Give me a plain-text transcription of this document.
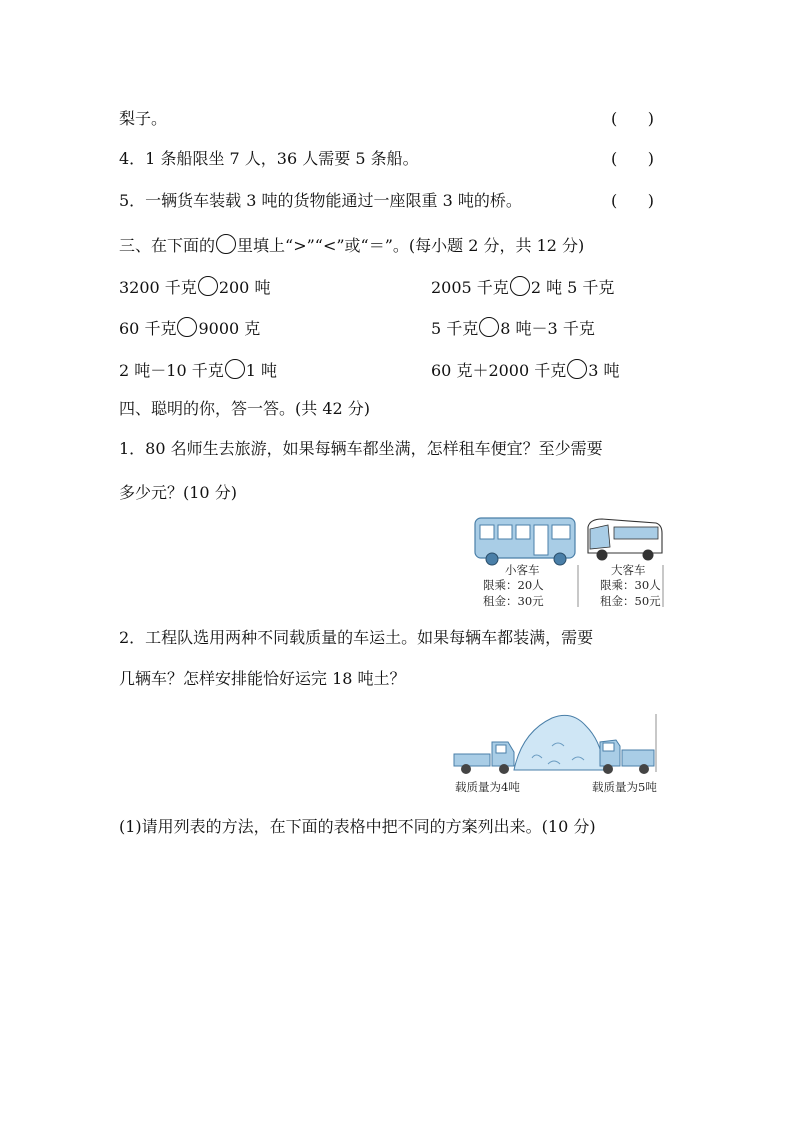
梨子。	(      )
4．1 条船限坐 7 人，36 人需要 5 条船。	(      )
5．一辆货车装载 3 吨的货物能通过一座限重 3 吨的桥。	(      )
三、在下面的 里填上“>”“<”或“＝”。(每小题 2 分，共 12 分)
3200 千克 200 吨	2005 千克 2 吨 5 千克
60 千克 9000 克	5 千克 8 吨－3 千克
2 吨－10 千克 1 吨	60 克＋2000 千克 3 吨
四、聪明的你，答一答。(共 42 分)
1．80 名师生去旅游，如果每辆车都坐满，怎样租车便宜？至少需要
多少元？(10 分)
小客车
限乘：20人
租金：30元
大客车
限乘：30人
租金：50元
2．工程队选用两种不同载质量的车运土。如果每辆车都装满，需要
几辆车？怎样安排能恰好运完 18 吨土？
载质量为4吨	载质量为5吨
(1)请用列表的方法，在下面的表格中把不同的方案列出来。(10 分)
